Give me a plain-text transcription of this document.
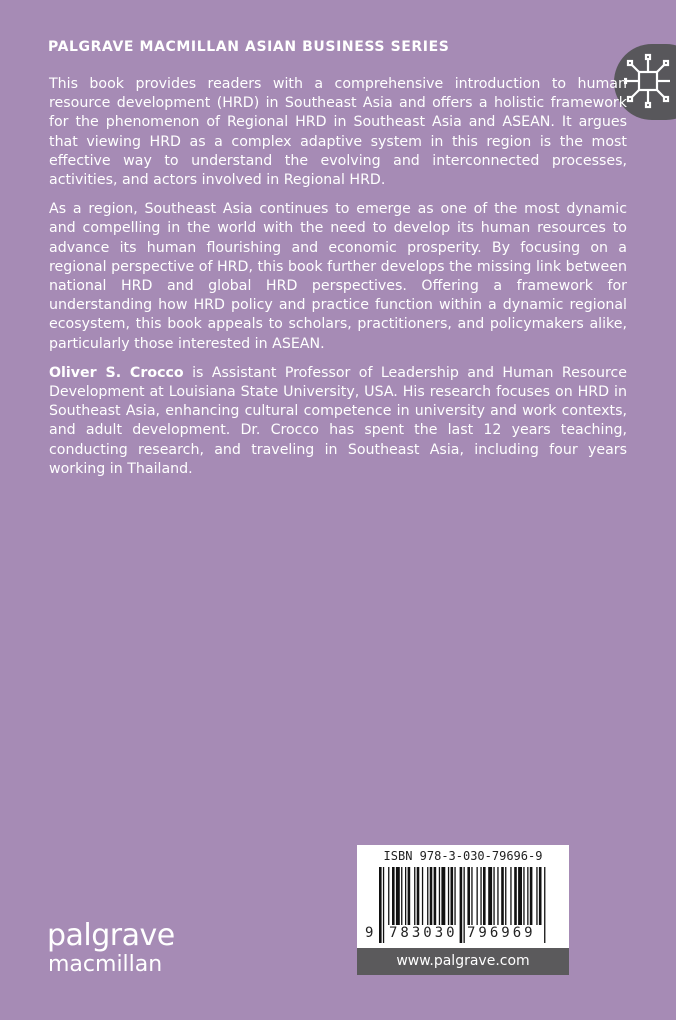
PALGRAVE MACMILLAN ASIAN BUSINESS SERIES

This book provides readers with a comprehensive introduction to human resource development (HRD) in Southeast Asia and offers a holistic framework for the phenomenon of Regional HRD in Southeast Asia and ASEAN. It argues that viewing HRD as a complex adaptive system in this region is the most effective way to understand the evolving and interconnected processes, activities, and actors involved in Regional HRD.

As a region, Southeast Asia continues to emerge as one of the most dynamic and compelling in the world with the need to develop its human resources to advance its human flourishing and economic prosperity. By focusing on a regional perspective of HRD, this book further develops the missing link between national HRD and global HRD perspectives. Offering a framework for understanding how HRD policy and practice function within a dynamic regional ecosystem, this book appeals to scholars, practitioners, and policymakers alike, particularly those interested in ASEAN.

Oliver S. Crocco is Assistant Professor of Leadership and Human Resource Development at Louisiana State University, USA. His research focuses on HRD in Southeast Asia, enhancing cultural competence in university and work contexts, and adult development. Dr. Crocco has spent the last 12 years teaching, conducting research, and traveling in Southeast Asia, including four years working in Thailand.

ISBN 978-3-030-79696-9
9 783030 796969
www.palgrave.com
palgrave
macmillan
